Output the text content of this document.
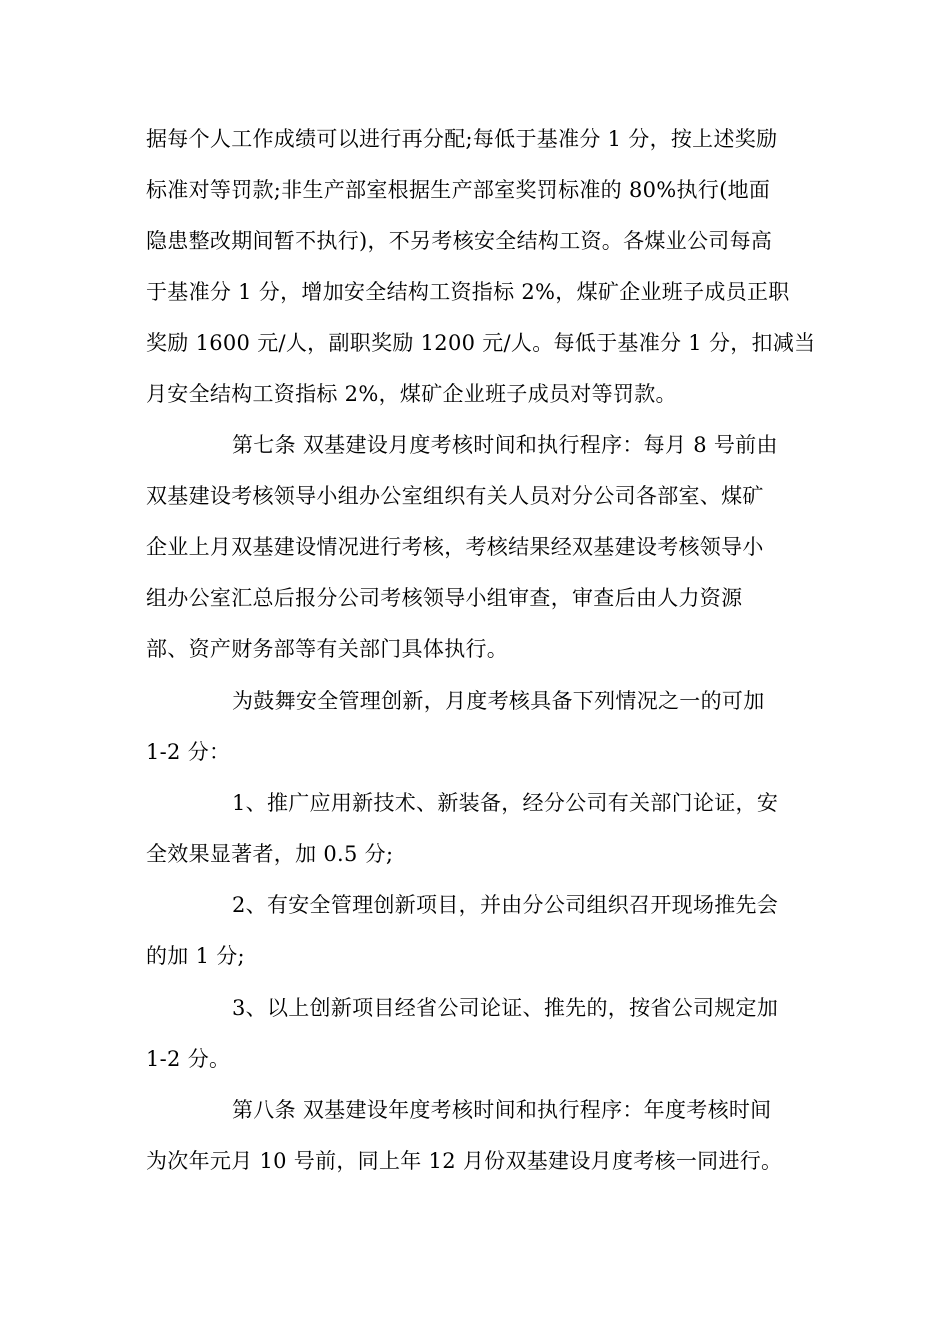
据每个人工作成绩可以进行再分配;每低于基准分 1 分，按上述奖励
标准对等罚款;非生产部室根据生产部室奖罚标准的 80%执行(地面
隐患整改期间暂不执行)，不另考核安全结构工资。各煤业公司每高
于基准分 1 分，增加安全结构工资指标 2%，煤矿企业班子成员正职
奖励 1600 元/人，副职奖励 1200 元/人。每低于基准分 1 分，扣减当
月安全结构工资指标 2%，煤矿企业班子成员对等罚款。
第七条 双基建设月度考核时间和执行程序：每月 8 号前由
双基建设考核领导小组办公室组织有关人员对分公司各部室、煤矿
企业上月双基建设情况进行考核，考核结果经双基建设考核领导小
组办公室汇总后报分公司考核领导小组审查，审查后由人力资源
部、资产财务部等有关部门具体执行。
为鼓舞安全管理创新，月度考核具备下列情况之一的可加
1-2 分：
1、推广应用新技术、新装备，经分公司有关部门论证，安
全效果显著者，加 0.5 分;
2、有安全管理创新项目，并由分公司组织召开现场推先会
的加 1 分;
3、以上创新项目经省公司论证、推先的，按省公司规定加
1-2 分。
第八条 双基建设年度考核时间和执行程序：年度考核时间
为次年元月 10 号前，同上年 12 月份双基建设月度考核一同进行。
